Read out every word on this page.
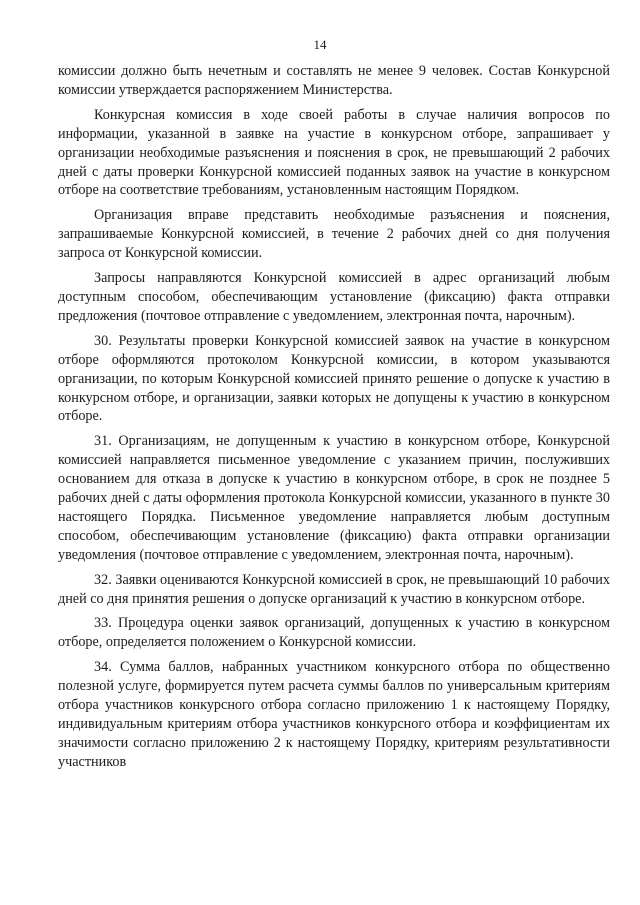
14

комиссии должно быть нечетным и составлять не менее 9 человек. Состав Конкурсной комиссии утверждается распоряжением Министерства.

Конкурсная комиссия в ходе своей работы в случае наличия вопросов по информации, указанной в заявке на участие в конкурсном отборе, запрашивает у организации необходимые разъяснения и пояснения в срок, не превышающий 2 рабочих дней с даты проверки Конкурсной комиссией поданных заявок на участие в конкурсном отборе на соответствие требованиям, установленным настоящим Порядком.

Организация вправе представить необходимые разъяснения и пояснения, запрашиваемые Конкурсной комиссией, в течение 2 рабочих дней со дня получения запроса от Конкурсной комиссии.

Запросы направляются Конкурсной комиссией в адрес организаций любым доступным способом, обеспечивающим установление (фиксацию) факта отправки предложения (почтовое отправление с уведомлением, электронная почта, нарочным).

30. Результаты проверки Конкурсной комиссией заявок на участие в конкурсном отборе оформляются протоколом Конкурсной комиссии, в котором указываются организации, по которым Конкурсной комиссией принято решение о допуске к участию в конкурсном отборе, и организации, заявки которых не допущены к участию в конкурсном отборе.

31. Организациям, не допущенным к участию в конкурсном отборе, Конкурсной комиссией направляется письменное уведомление с указанием причин, послуживших основанием для отказа в допуске к участию в конкурсном отборе, в срок не позднее 5 рабочих дней с даты оформления протокола Конкурсной комиссии, указанного в пункте 30 настоящего Порядка. Письменное уведомление направляется любым доступным способом, обеспечивающим установление (фиксацию) факта отправки организации уведомления (почтовое отправление с уведомлением, электронная почта, нарочным).

32. Заявки оцениваются Конкурсной комиссией в срок, не превышающий 10 рабочих дней со дня принятия решения о допуске организаций к участию в конкурсном отборе.

33. Процедура оценки заявок организаций, допущенных к участию в конкурсном отборе, определяется положением о Конкурсной комиссии.

34. Сумма баллов, набранных участником конкурсного отбора по общественно полезной услуге, формируется путем расчета суммы баллов по универсальным критериям отбора участников конкурсного отбора согласно приложению 1 к настоящему Порядку, индивидуальным критериям отбора участников конкурсного отбора и коэффициентам их значимости согласно приложению 2 к настоящему Порядку, критериям результативности участников
